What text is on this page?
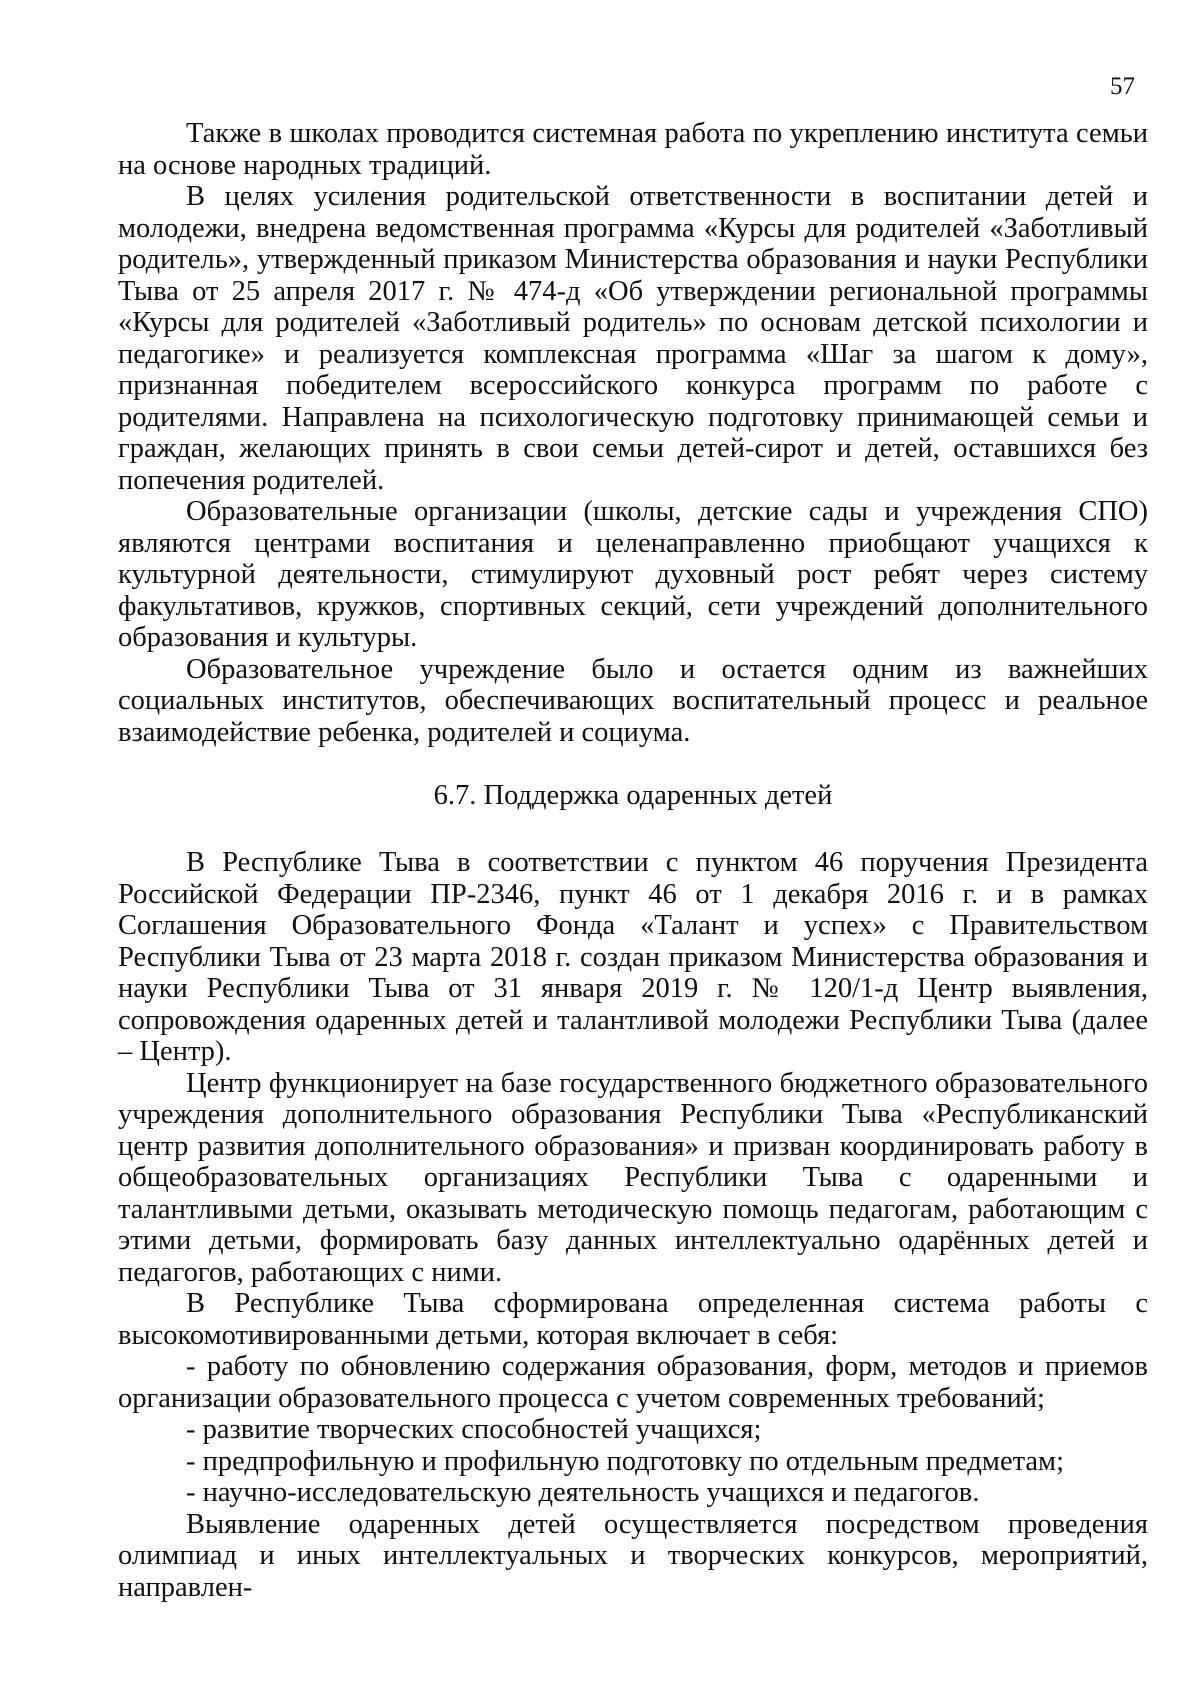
57

Также в школах проводится системная работа по укреплению института семьи на основе народных традиций.

В целях усиления родительской ответственности в воспитании детей и молодежи, внедрена ведомственная программа «Курсы для родителей «Заботливый родитель», утвержденный приказом Министерства образования и науки Республики Тыва от 25 апреля 2017 г. № 474-д «Об утверждении региональной программы «Курсы для родителей «Заботливый родитель» по основам детской психологии и педагогике» и реализуется комплексная программа «Шаг за шагом к дому», признанная победителем всероссийского конкурса программ по работе с родителями. Направлена на психологическую подготовку принимающей семьи и граждан, желающих принять в свои семьи детей-сирот и детей, оставшихся без попечения родителей.

Образовательные организации (школы, детские сады и учреждения СПО) являются центрами воспитания и целенаправленно приобщают учащихся к культурной деятельности, стимулируют духовный рост ребят через систему факультативов, кружков, спортивных секций, сети учреждений дополнительного образования и культуры.

Образовательное учреждение было и остается одним из важнейших социальных институтов, обеспечивающих воспитательный процесс и реальное взаимодействие ребенка, родителей и социума.

6.7. Поддержка одаренных детей

В Республике Тыва в соответствии с пунктом 46 поручения Президента Российской Федерации ПР-2346, пункт 46 от 1 декабря 2016 г. и в рамках Соглашения Образовательного Фонда «Талант и успех» с Правительством Республики Тыва от 23 марта 2018 г. создан приказом Министерства образования и науки Республики Тыва от 31 января 2019 г. № 120/1-д Центр выявления, сопровождения одаренных детей и талантливой молодежи Республики Тыва (далее – Центр).

Центр функционирует на базе государственного бюджетного образовательного учреждения дополнительного образования Республики Тыва «Республиканский центр развития дополнительного образования» и призван координировать работу в общеобразовательных организациях Республики Тыва с одаренными и талантливыми детьми, оказывать методическую помощь педагогам, работающим с этими детьми, формировать базу данных интеллектуально одарённых детей и педагогов, работающих с ними.

В Республике Тыва сформирована определенная система работы с высокомотивированными детьми, которая включает в себя:

- работу по обновлению содержания образования, форм, методов и приемов организации образовательного процесса с учетом современных требований;

- развитие творческих способностей учащихся;

- предпрофильную и профильную подготовку по отдельным предметам;

- научно-исследовательскую деятельность учащихся и педагогов.

Выявление одаренных детей осуществляется посредством проведения олимпиад и иных интеллектуальных и творческих конкурсов, мероприятий, направлен-
